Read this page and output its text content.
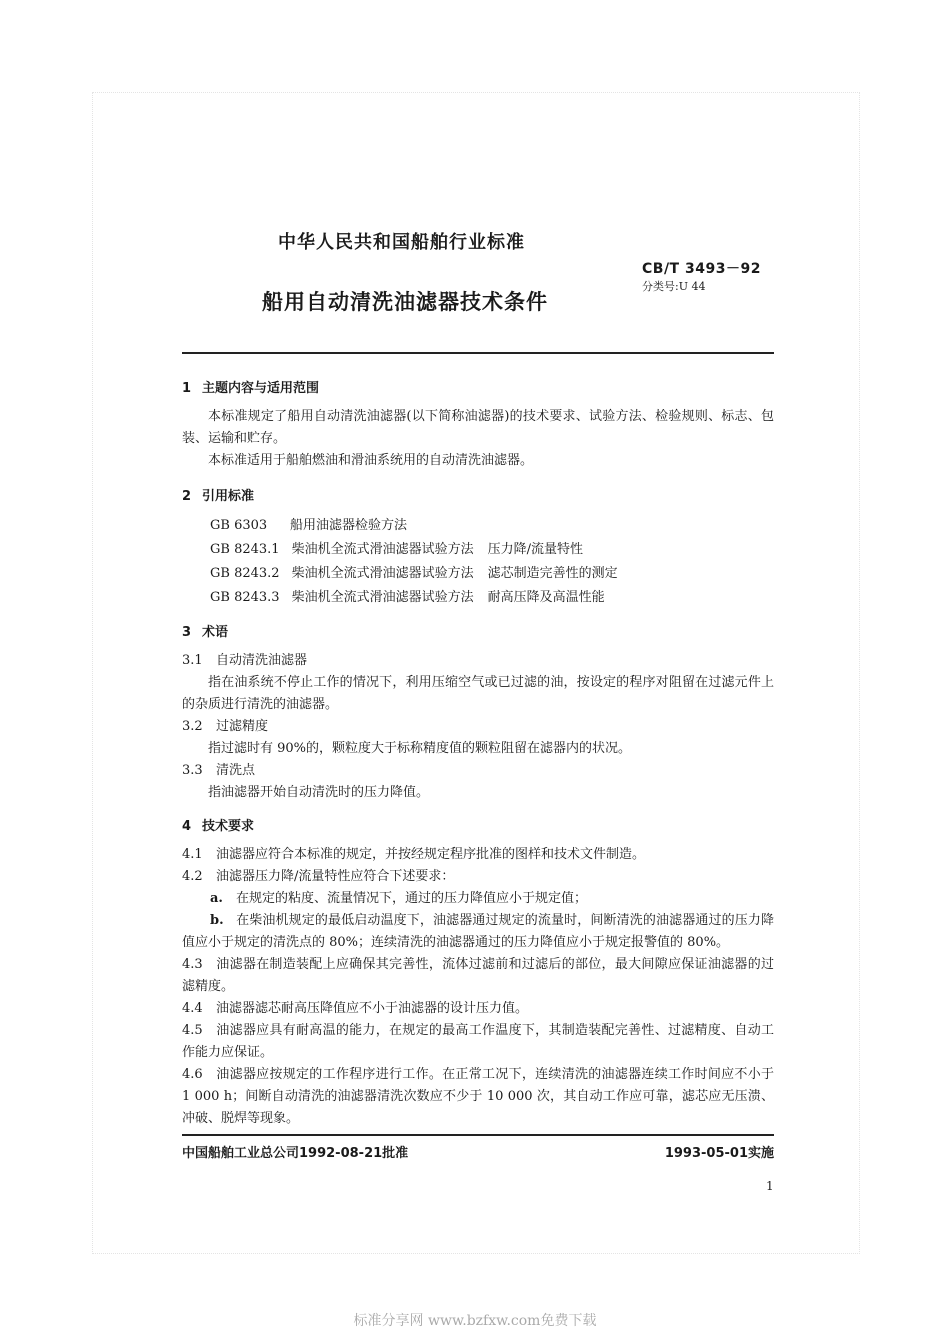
中华人民共和国船舶行业标准
CB/T 3493－92
分类号:U 44
船用自动清洗油滤器技术条件
1 主题内容与适用范围

本标准规定了船用自动清洗油滤器(以下简称油滤器)的技术要求、试验方法、检验规则、标志、包装、运输和贮存。

本标准适用于船舶燃油和滑油系统用的自动清洗油滤器。

2 引用标准
GB 6303 船用油滤器检验方法
GB 8243.1 柴油机全流式滑油滤器试验方法 压力降/流量特性
GB 8243.2 柴油机全流式滑油滤器试验方法 滤芯制造完善性的测定
GB 8243.3 柴油机全流式滑油滤器试验方法 耐高压降及高温性能
3 术语
3.1 自动清洗油滤器

指在油系统不停止工作的情况下，利用压缩空气或已过滤的油，按设定的程序对阻留在过滤元件上的杂质进行清洗的油滤器。

3.2 过滤精度

指过滤时有 90%的，颗粒度大于标称精度值的颗粒阻留在滤器内的状况。

3.3 清洗点

指油滤器开始自动清洗时的压力降值。

4 技术要求

4.1 油滤器应符合本标准的规定，并按经规定程序批准的图样和技术文件制造。

4.2 油滤器压力降/流量特性应符合下述要求：

a. 在规定的粘度、流量情况下，通过的压力降值应小于规定值；

b. 在柴油机规定的最低启动温度下，油滤器通过规定的流量时，间断清洗的油滤器通过的压力降值应小于规定的清洗点的 80%；连续清洗的油滤器通过的压力降值应小于规定报警值的 80%。

4.3 油滤器在制造装配上应确保其完善性，流体过滤前和过滤后的部位，最大间隙应保证油滤器的过滤精度。

4.4 油滤器滤芯耐高压降值应不小于油滤器的设计压力值。

4.5 油滤器应具有耐高温的能力，在规定的最高工作温度下，其制造装配完善性、过滤精度、自动工作能力应保证。

4.6 油滤器应按规定的工作程序进行工作。在正常工况下，连续清洗的油滤器连续工作时间应不小于 1 000 h；间断自动清洗的油滤器清洗次数应不少于 10 000 次，其自动工作应可靠，滤芯应无压溃、冲破、脱焊等现象。

中国船舶工业总公司1992-08-21批准	1993-05-01实施
1
标准分享网 www.bzfxw.com免费下载
